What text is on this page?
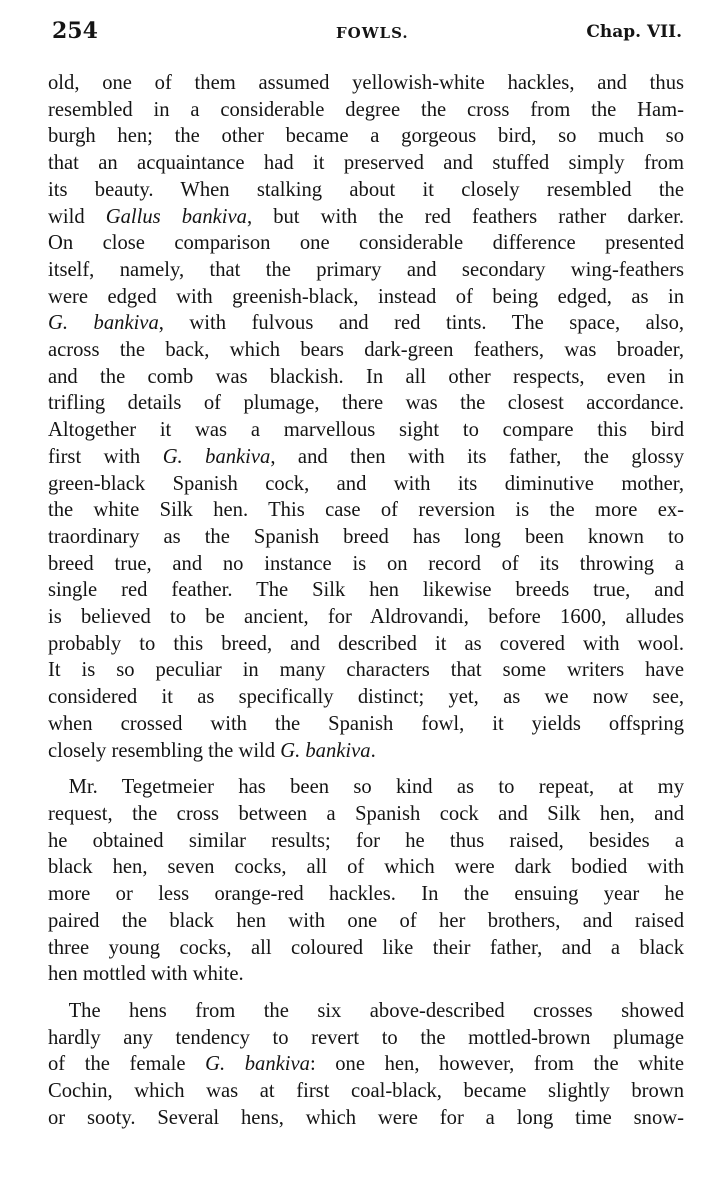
254	FOWLS.	Chap. VII.
old, one of them assumed yellowish-white hackles, and thus
resembled in a considerable degree the cross from the Ham-
burgh hen; the other became a gorgeous bird, so much so
that an acquaintance had it preserved and stuffed simply from
its beauty. When stalking about it closely resembled the
wild Gallus bankiva, but with the red feathers rather darker.
On close comparison one considerable difference presented
itself, namely, that the primary and secondary wing-feathers
were edged with greenish-black, instead of being edged, as in
G. bankiva, with fulvous and red tints. The space, also,
across the back, which bears dark-green feathers, was broader,
and the comb was blackish. In all other respects, even in
trifling details of plumage, there was the closest accordance.
Altogether it was a marvellous sight to compare this bird
first with G. bankiva, and then with its father, the glossy
green-black Spanish cock, and with its diminutive mother,
the white Silk hen. This case of reversion is the more ex-
traordinary as the Spanish breed has long been known to
breed true, and no instance is on record of its throwing a
single red feather. The Silk hen likewise breeds true, and
is believed to be ancient, for Aldrovandi, before 1600, alludes
probably to this breed, and described it as covered with wool.
It is so peculiar in many characters that some writers have
considered it as specifically distinct; yet, as we now see,
when crossed with the Spanish fowl, it yields offspring
closely resembling the wild G. bankiva.
 Mr. Tegetmeier has been so kind as to repeat, at my
request, the cross between a Spanish cock and Silk hen, and
he obtained similar results; for he thus raised, besides a
black hen, seven cocks, all of which were dark bodied with
more or less orange-red hackles. In the ensuing year he
paired the black hen with one of her brothers, and raised
three young cocks, all coloured like their father, and a black
hen mottled with white.
 The hens from the six above-described crosses showed
hardly any tendency to revert to the mottled-brown plumage
of the female G. bankiva: one hen, however, from the white
Cochin, which was at first coal-black, became slightly brown
or sooty. Several hens, which were for a long time snow-
